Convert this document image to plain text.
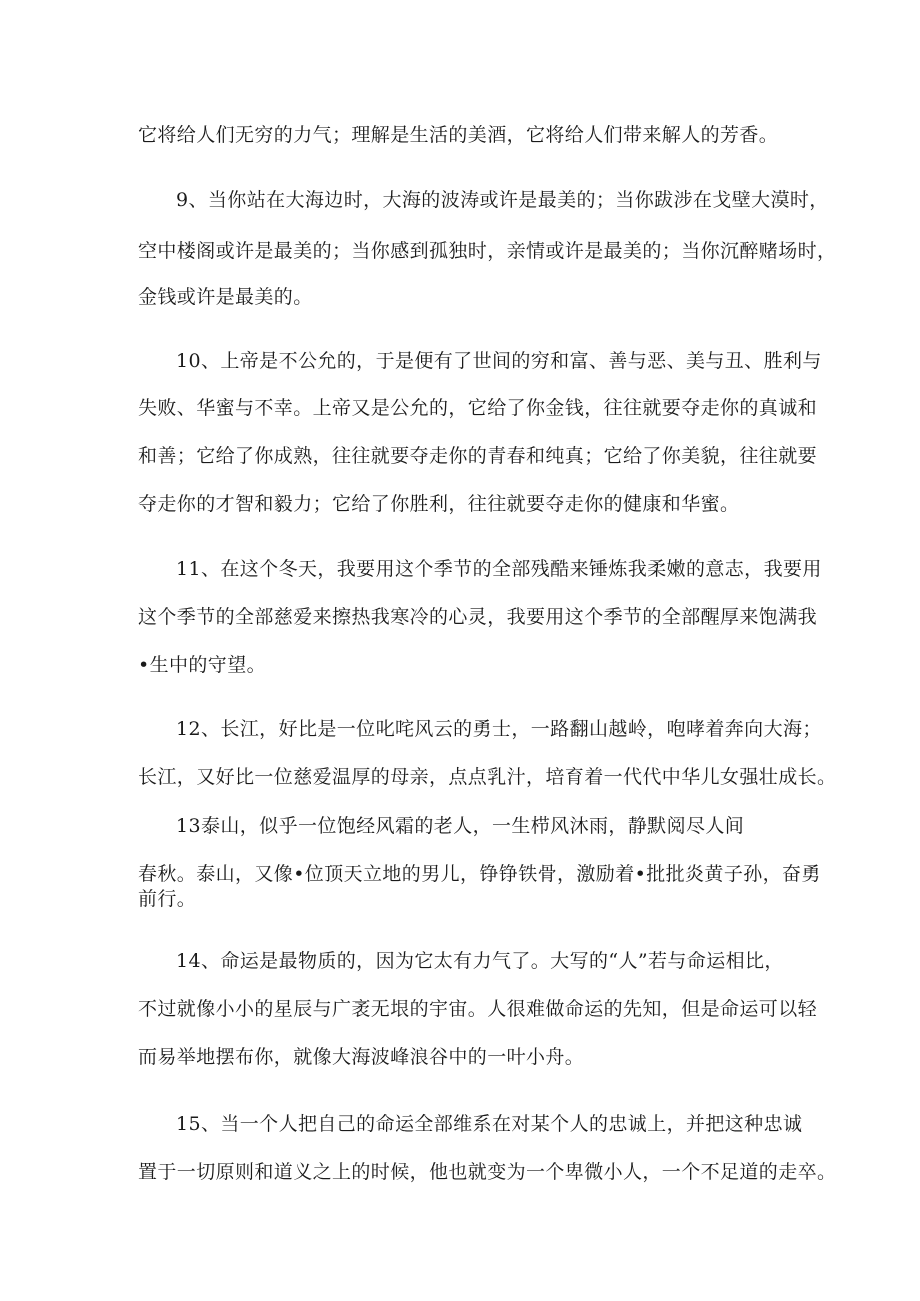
它将给人们无穷的力气；理解是生活的美酒，它将给人们带来解人的芳香。
9、当你站在大海边时，大海的波涛或许是最美的；当你跋涉在戈壁大漠时，
空中楼阁或许是最美的；当你感到孤独时，亲情或许是最美的；当你沉醉赌场时，
金钱或许是最美的。
10、上帝是不公允的，于是便有了世间的穷和富、善与恶、美与丑、胜利与
失败、华蜜与不幸。上帝又是公允的，它给了你金钱，往往就要夺走你的真诚和
和善；它给了你成熟，往往就要夺走你的青春和纯真；它给了你美貌，往往就要
夺走你的才智和毅力；它给了你胜利，往往就要夺走你的健康和华蜜。
11、在这个冬天，我要用这个季节的全部残酷来锤炼我柔嫩的意志，我要用
这个季节的全部慈爱来擦热我寒冷的心灵，我要用这个季节的全部醒厚来饱满我
•生中的守望。
12、长江，好比是一位叱咤风云的勇士，一路翻山越岭，咆哮着奔向大海；
长江，又好比一位慈爱温厚的母亲，点点乳汁，培育着一代代中华儿女强壮成长。
13泰山，似乎一位饱经风霜的老人，一生栉风沐雨，静默阅尽人间
春秋。泰山，又像•位顶天立地的男儿，铮铮铁骨，激励着•批批炎黄子孙，奋勇
前行。
14、命运是最物质的，因为它太有力气了。大写的“人”若与命运相比，
不过就像小小的星辰与广袤无垠的宇宙。人很难做命运的先知，但是命运可以轻
而易举地摆布你，就像大海波峰浪谷中的一叶小舟。
15、当一个人把自己的命运全部维系在对某个人的忠诚上，并把这种忠诚
置于一切原则和道义之上的时候，他也就变为一个卑微小人，一个不足道的走卒。
